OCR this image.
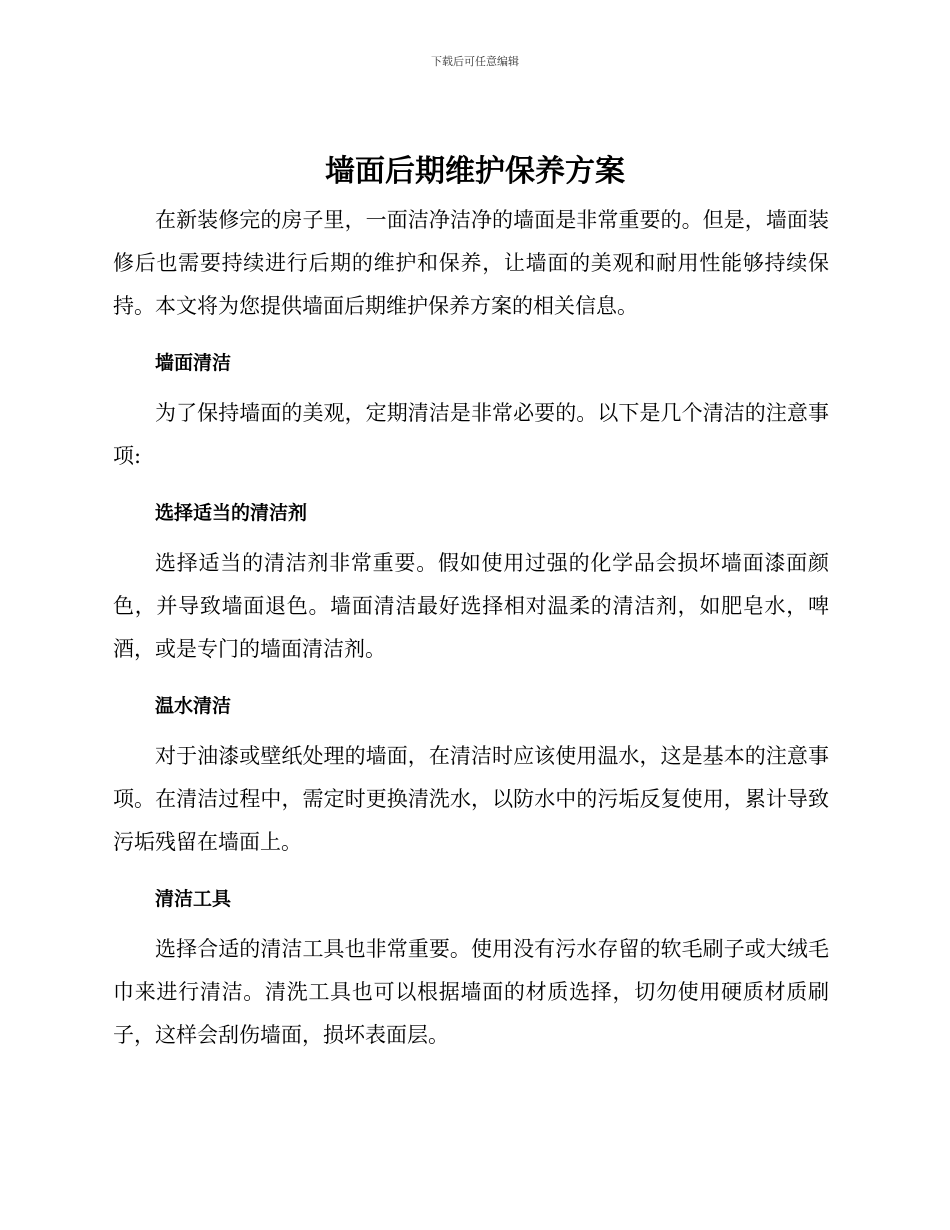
下载后可任意编辑
墙面后期维护保养方案

在新装修完的房子里，一面洁净洁净的墙面是非常重要的。但是，墙面装修后也需要持续进行后期的维护和保养，让墙面的美观和耐用性能够持续保持。本文将为您提供墙面后期维护保养方案的相关信息。

墙面清洁

为了保持墙面的美观，定期清洁是非常必要的。以下是几个清洁的注意事项:

选择适当的清洁剂

选择适当的清洁剂非常重要。假如使用过强的化学品会损坏墙面漆面颜色，并导致墙面退色。墙面清洁最好选择相对温柔的清洁剂，如肥皂水，啤酒，或是专门的墙面清洁剂。

温水清洁

对于油漆或壁纸处理的墙面，在清洁时应该使用温水，这是基本的注意事项。在清洁过程中，需定时更换清洗水，以防水中的污垢反复使用，累计导致污垢残留在墙面上。

清洁工具

选择合适的清洁工具也非常重要。使用没有污水存留的软毛刷子或大绒毛巾来进行清洁。清洗工具也可以根据墙面的材质选择，切勿使用硬质材质刷子，这样会刮伤墙面，损坏表面层。
